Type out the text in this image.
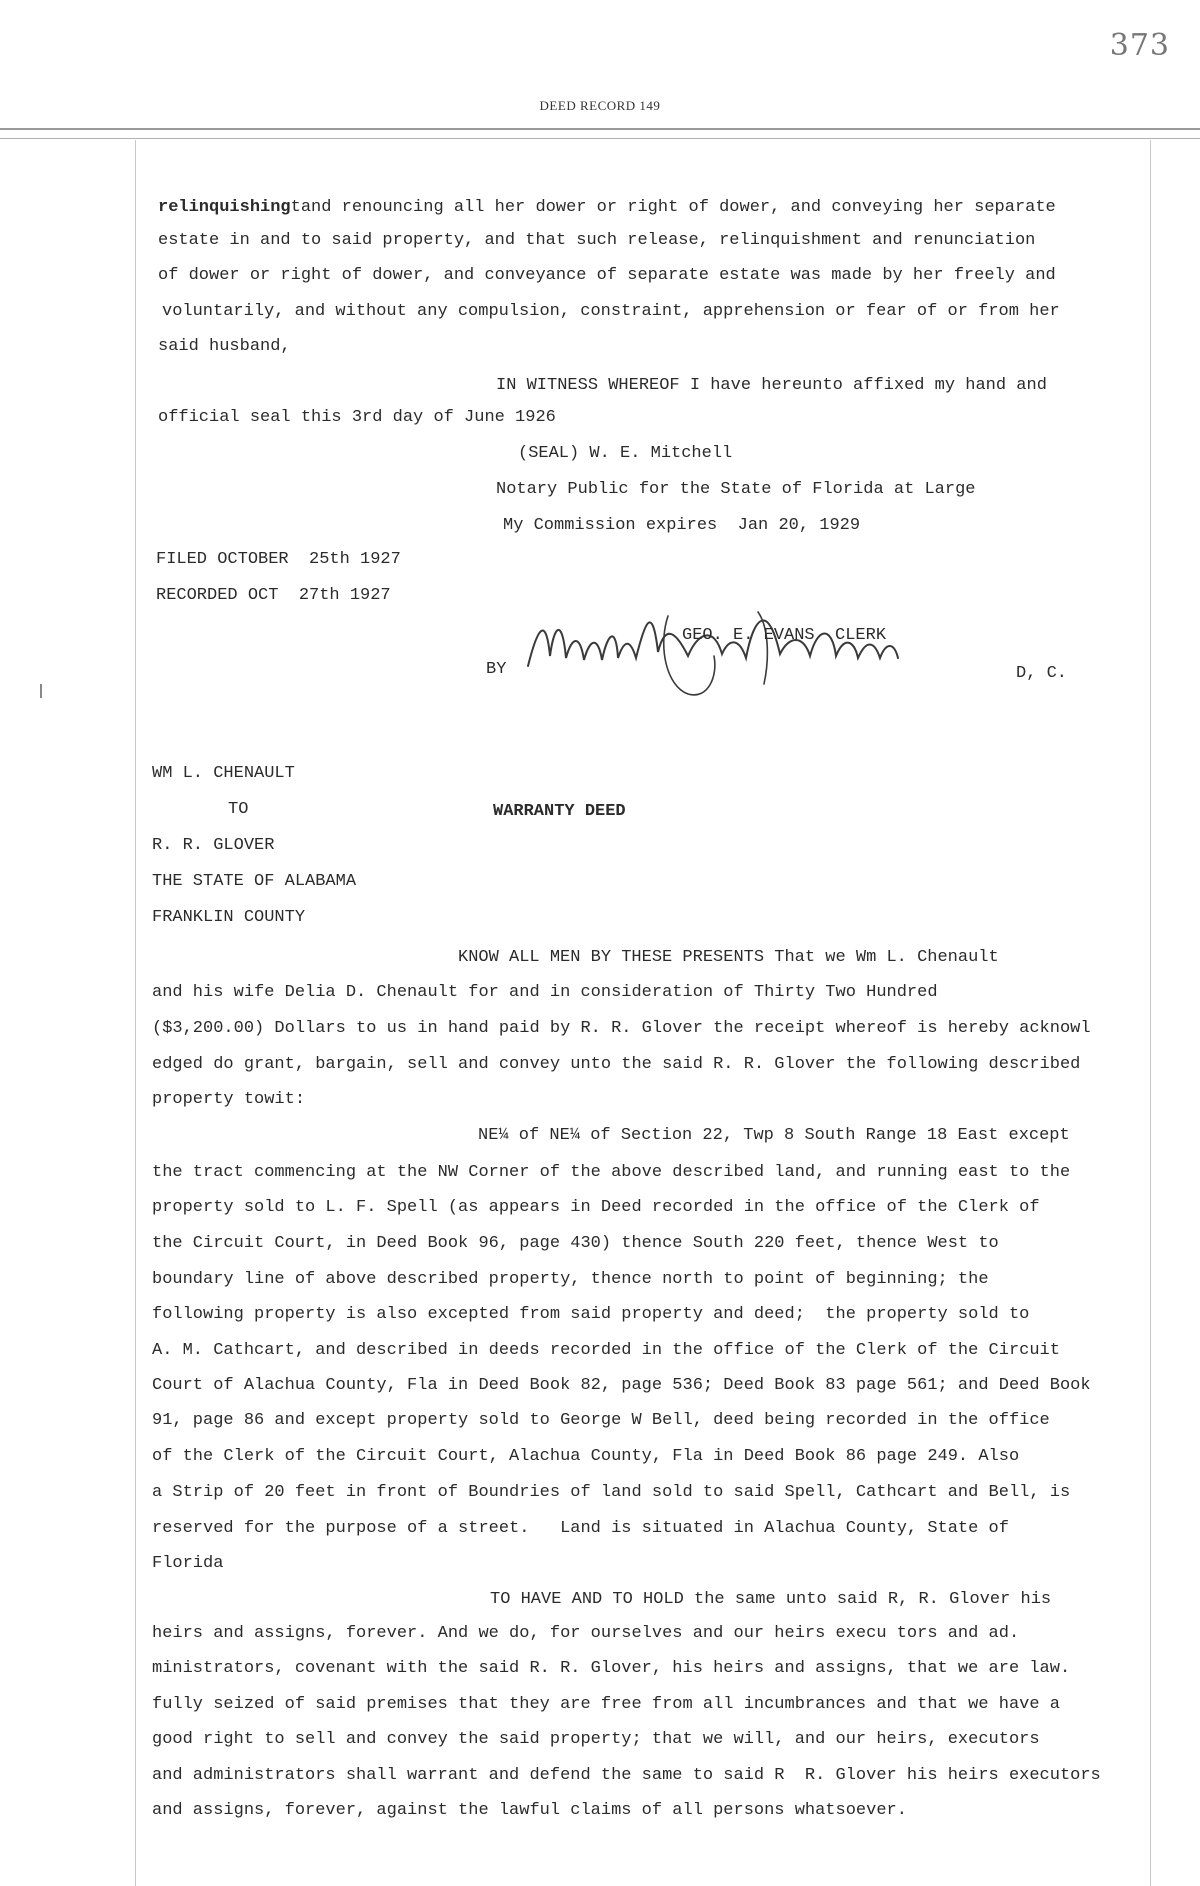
373
DEED RECORD 149
relinquishingtand renouncing all her dower or right of dower, and conveying her separate
estate in and to said property, and that such release, relinquishment and renunciation
of dower or right of dower, and conveyance of separate estate was made by her freely and
voluntarily, and without any compulsion, constraint, apprehension or fear of or from her
said husband,
IN WITNESS WHEREOF I have hereunto affixed my hand and
official seal this 3rd day of June 1926
(SEAL) W. E. Mitchell
Notary Public for the State of Florida at Large
My Commission expires  Jan 20, 1929
FILED OCTOBER  25th 1927
RECORDED OCT  27th 1927
BY
GEO. E. EVANS  CLERK
D, C.
WM L. CHENAULT
TO	WARRANTY DEED
R. R. GLOVER
THE STATE OF ALABAMA
FRANKLIN COUNTY
KNOW ALL MEN BY THESE PRESENTS That we Wm L. Chenault
and his wife Delia D. Chenault for and in consideration of Thirty Two Hundred
($3,200.00) Dollars to us in hand paid by R. R. Glover the receipt whereof is hereby acknowl
edged do grant, bargain, sell and convey unto the said R. R. Glover the following described
property towit:
NE¼ of NE¼ of Section 22, Twp 8 South Range 18 East except
the tract commencing at the NW Corner of the above described land, and running east to the
property sold to L. F. Spell (as appears in Deed recorded in the office of the Clerk of
the Circuit Court, in Deed Book 96, page 430) thence South 220 feet, thence West to
boundary line of above described property, thence north to point of beginning; the
following property is also excepted from said property and deed;  the property sold to
A. M. Cathcart, and described in deeds recorded in the office of the Clerk of the Circuit
Court of Alachua County, Fla in Deed Book 82, page 536; Deed Book 83 page 561; and Deed Book
91, page 86 and except property sold to George W Bell, deed being recorded in the office
of the Clerk of the Circuit Court, Alachua County, Fla in Deed Book 86 page 249. Also
a Strip of 20 feet in front of Boundries of land sold to said Spell, Cathcart and Bell, is
reserved for the purpose of a street.   Land is situated in Alachua County, State of
Florida
TO HAVE AND TO HOLD the same unto said R, R. Glover his
heirs and assigns, forever. And we do, for ourselves and our heirs execu tors and ad.
ministrators, covenant with the said R. R. Glover, his heirs and assigns, that we are law.
fully seized of said premises that they are free from all incumbrances and that we have a
good right to sell and convey the said property; that we will, and our heirs, executors
and administrators shall warrant and defend the same to said R  R. Glover his heirs executors
and assigns, forever, against the lawful claims of all persons whatsoever.
